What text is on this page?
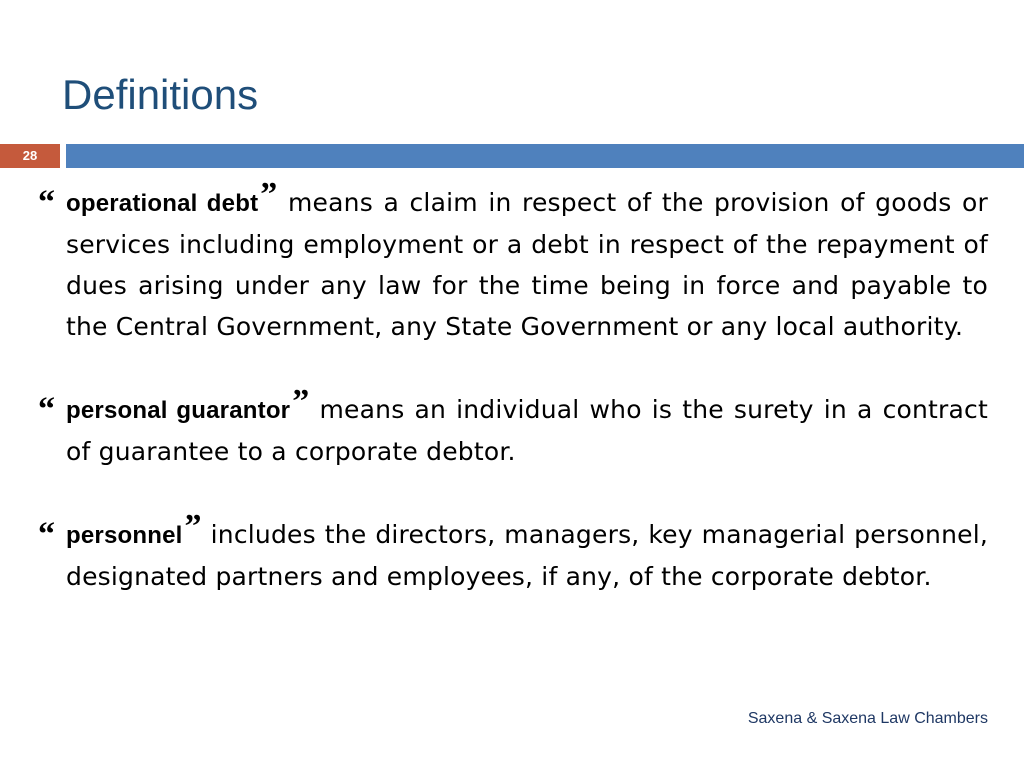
Definitions
28

“ operational debt” means a claim in respect of the provision of goods or services including employment or a debt in respect of the repayment of dues arising under any law for the time being in force and payable to the Central Government, any State Government or any local authority.

“ personal guarantor” means an individual who is the surety in a contract of guarantee to a corporate debtor.

“ personnel” includes the directors, managers, key managerial personnel, designated partners and employees, if any, of the corporate debtor.

Saxena & Saxena Law Chambers
